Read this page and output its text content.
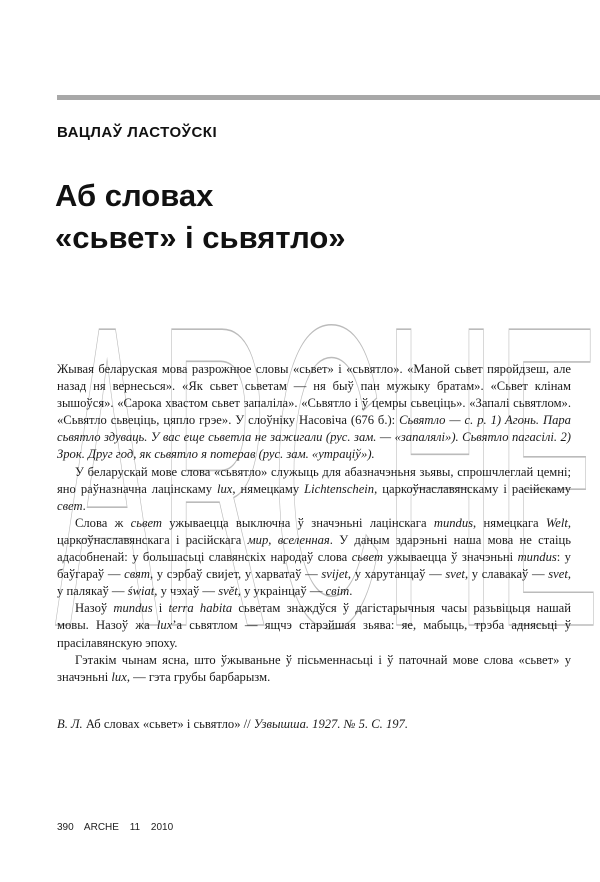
ВАЦЛАЎ ЛАСТОЎСКІ
Аб словах
«сьвет» і сьвятло»
ARCHE

Жывая беларуская мова разрожнюе словы «сьвет» і «сьвятло». «Маной сьвет пяройдзеш, але назад ня вернесься». «Як сьвет сьветам — ня быў пан мужыку братам». «Сьвет клінам зышоўся». «Сарока хвастом сьвет запаліла». «Сьвятло і ў цемры сьвеціць». «Запалі сьвятлом». «Сьвятло сьвеціць, цяпло грэе». У слоўніку Насовіча (676 б.): Сьвятло — с. р. 1) Агонь. Пара сьвятло здуваць. У вас еще сьветла не зажигали (рус. зам. — «запалялі»). Сьвятло пагасілі. 2) Зрок. Друг год, як сьвятло я потерав (рус. зам. «утраціў»).

У беларускай мове слова «сьвятло» служыць для абазначэньня зьявы, спрошчлеглай цемні; яно раўназначна лацінскаму lux, нямецкаму Lichtenschein, царкоўнаславянскаму і расійскаму свет.

Слова ж сьвет ужываецца выключна ў значэньні лацінскага mundus, нямецкага Welt, царкоўнаславянскага і расійскага мир, вселенная. У даным здарэньні наша мова не стаіць адасобненай: у большасьці славянскіх народаў слова сьвет ужываецца ў значэньні mundus: у баўгараў — свят, у сэрбаў свијет, у харватаў — svijet, у харутанцаў — svet, у славакаў — svet, у палякаў — świat, у чэхаў — svět, у украінцаў — світ.

Назоў mundus і terra habita сьветам знаждўся ў дагістарычныя часы разьвіцьця нашай мовы. Назоў жа lux’а сьвятлом — ящчэ старэйшая зьява: яе, мабыць, трэба аднясьці ў прасілавянскую эпоху.

Гэтакім чынам ясна, што ўжываньне ў пісьменнасьці і ў паточнай мове слова «сьвет» у значэньні lux, — гэта грубы барбарызм.

В. Л. Аб словах «сьвет» і сьвятло» // Узвышша. 1927. № 5. С. 197.
390 ARCHE 11 2010
